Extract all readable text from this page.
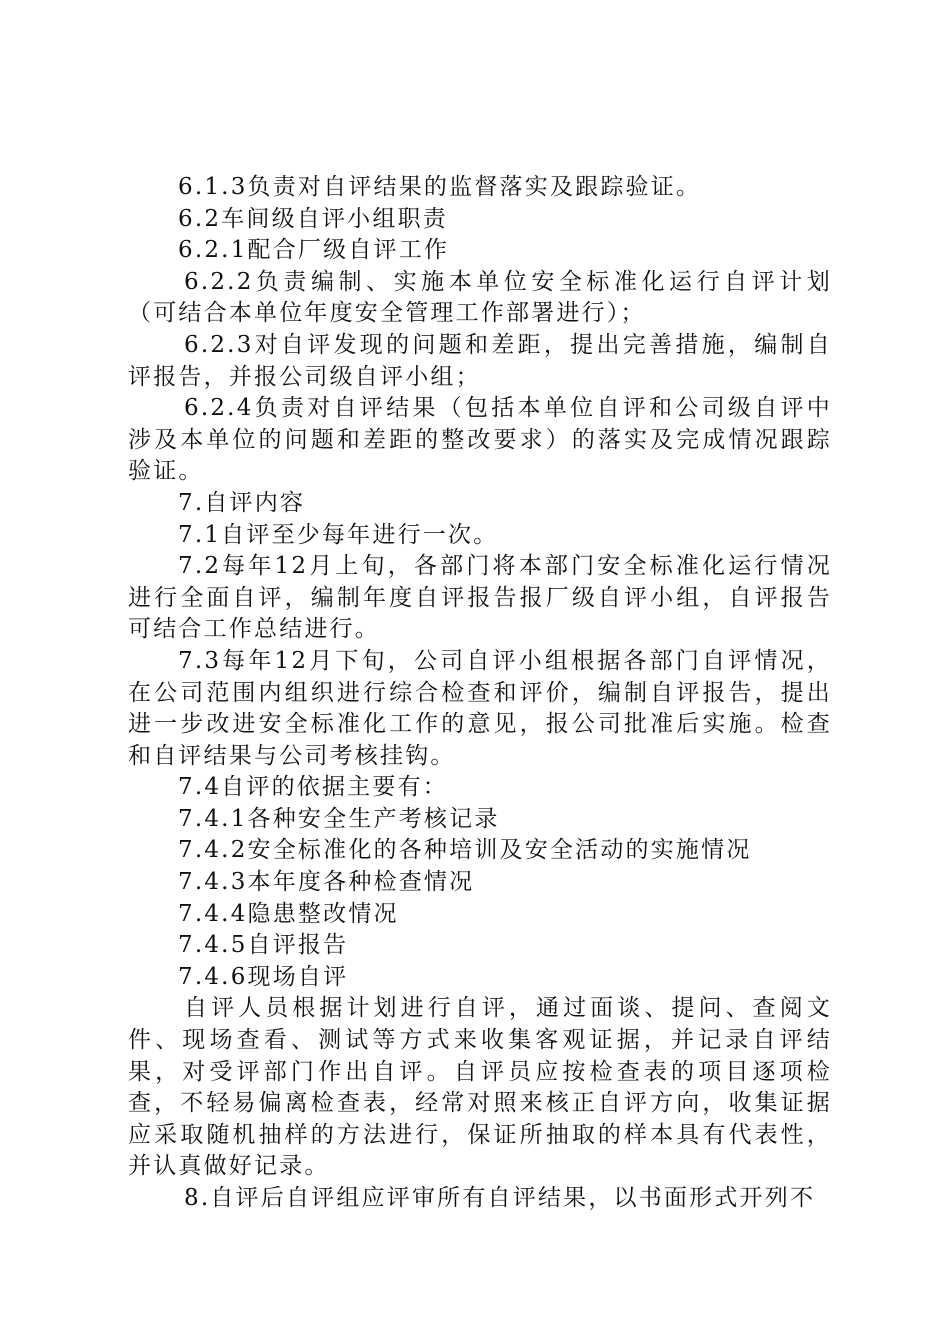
6.1.3负责对自评结果的监督落实及跟踪验证。

6.2车间级自评小组职责

6.2.1配合厂级自评工作

6.2.2负责编制、实施本单位安全标准化运行自评计划（可结合本单位年度安全管理工作部署进行）；

6.2.3对自评发现的问题和差距，提出完善措施，编制自评报告，并报公司级自评小组；

6.2.4负责对自评结果（包括本单位自评和公司级自评中涉及本单位的问题和差距的整改要求）的落实及完成情况跟踪验证。

7.自评内容

7.1自评至少每年进行一次。

7.2每年12月上旬，各部门将本部门安全标准化运行情况进行全面自评，编制年度自评报告报厂级自评小组，自评报告可结合工作总结进行。

7.3每年12月下旬，公司自评小组根据各部门自评情况，在公司范围内组织进行综合检查和评价，编制自评报告，提出进一步改进安全标准化工作的意见，报公司批准后实施。检查和自评结果与公司考核挂钩。

7.4自评的依据主要有：

7.4.1各种安全生产考核记录

7.4.2安全标准化的各种培训及安全活动的实施情况

7.4.3本年度各种检查情况

7.4.4隐患整改情况

7.4.5自评报告

7.4.6现场自评

自评人员根据计划进行自评，通过面谈、提问、查阅文件、现场查看、测试等方式来收集客观证据，并记录自评结果，对受评部门作出自评。自评员应按检查表的项目逐项检查，不轻易偏离检查表，经常对照来核正自评方向，收集证据应采取随机抽样的方法进行，保证所抽取的样本具有代表性，并认真做好记录。

8.自评后自评组应评审所有自评结果，以书面形式开列不
